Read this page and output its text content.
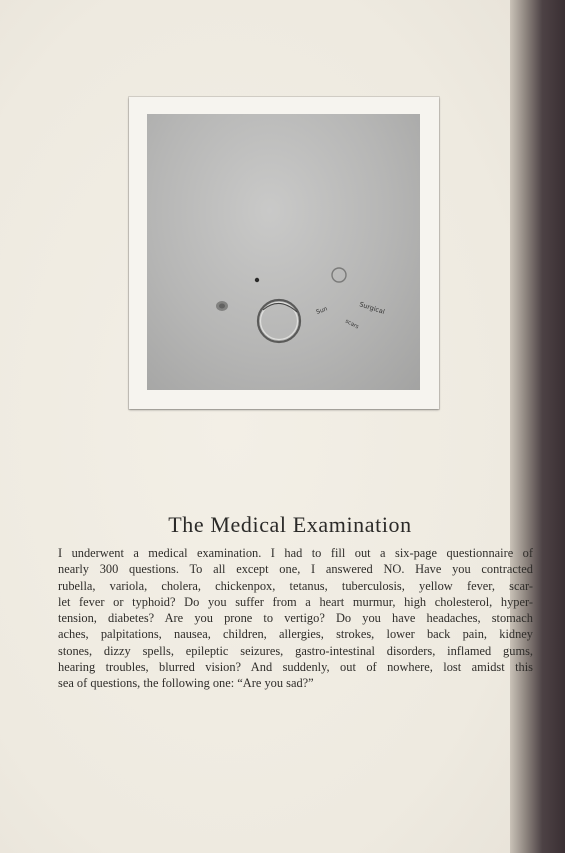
Sun	Surgical
scars
The Medical Examination
I underwent a medical examination. I had to fill out a six-page questionnaire of
nearly 300 questions. To all except one, I answered NO. Have you contracted
rubella, variola, cholera, chickenpox, tetanus, tuberculosis, yellow fever, scar-
let fever or typhoid? Do you suffer from a heart murmur, high cholesterol, hyper-
tension, diabetes? Are you prone to vertigo? Do you have headaches, stomach
aches, palpitations, nausea, children, allergies, strokes, lower back pain, kidney
stones, dizzy spells, epileptic seizures, gastro-intestinal disorders, inflamed gums,
hearing troubles, blurred vision? And suddenly, out of nowhere, lost amidst this
sea of questions, the following one: “Are you sad?”
